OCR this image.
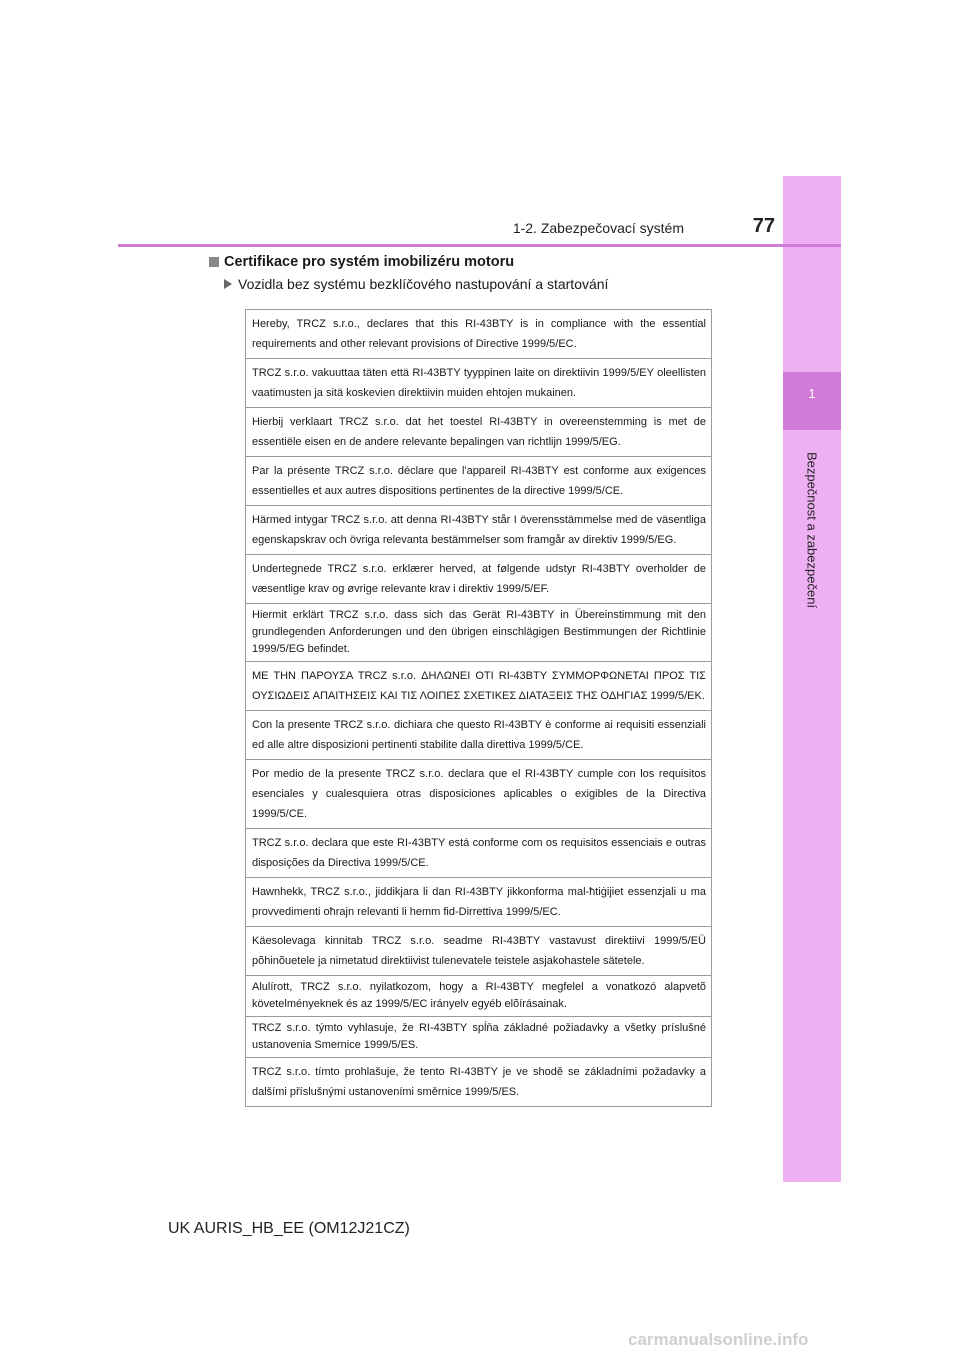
1
Bezpečnost a zabezpečení
1-2. Zabezpečovací systém	77
Certifikace pro systém imobilizéru motoru
Vozidla bez systému bezklíčového nastupování a startování
Hereby, TRCZ s.r.o., declares that this RI-43BTY is in compliance with the essential requirements and other relevant provisions of Directive 1999/5/EC.
TRCZ s.r.o. vakuuttaa täten että RI-43BTY tyyppinen laite on direktiivin 1999/5/EY oleellisten vaatimusten ja sitä koskevien direktiivin muiden ehtojen mukainen.
Hierbij verklaart TRCZ s.r.o. dat het toestel RI-43BTY in overeenstemming is met de essentiële eisen en de andere relevante bepalingen van richtlijn 1999/5/EG.
Par la présente TRCZ s.r.o. déclare que l'appareil RI-43BTY est conforme aux exigences essentielles et aux autres dispositions pertinentes de la directive 1999/5/CE.
Härmed intygar TRCZ s.r.o. att denna RI-43BTY står I överensstämmelse med de väsentliga egenskapskrav och övriga relevanta bestämmelser som framgår av direktiv 1999/5/EG.
Undertegnede TRCZ s.r.o. erklærer herved, at følgende udstyr RI-43BTY overholder de væsentlige krav og øvrige relevante krav i direktiv 1999/5/EF.
Hiermit erklärt TRCZ s.r.o. dass sich das Gerät RI-43BTY in Übereinstimmung mit den grundlegenden Anforderungen und den übrigen einschlägigen Bestimmungen der Richtlinie 1999/5/EG befindet.
ΜΕ ΤΗΝ ΠΑΡΟΥΣΑ TRCZ s.r.o. ΔΗΛΩΝΕΙ ΟΤΙ RI-43BTY ΣΥΜΜΟΡΦΩΝΕΤΑΙ ΠΡΟΣ ΤΙΣ ΟΥΣΙΩΔΕΙΣ ΑΠΑΙΤΗΣΕΙΣ ΚΑΙ ΤΙΣ ΛΟΙΠΕΣ ΣΧΕΤΙΚΕΣ ΔΙΑΤΑΞΕΙΣ ΤΗΣ ΟΔΗΓΙΑΣ 1999/5/ΕΚ.
Con la presente TRCZ s.r.o. dichiara che questo RI-43BTY è conforme ai requisiti essenziali ed alle altre disposizioni pertinenti stabilite dalla direttiva 1999/5/CE.
Por medio de la presente TRCZ s.r.o. declara que el RI-43BTY cumple con los requisitos esenciales y cualesquiera otras disposiciones aplicables o exigibles de la Directiva 1999/5/CE.
TRCZ s.r.o. declara que este RI-43BTY está conforme com os requisitos essenciais e outras disposições da Directiva 1999/5/CE.
Hawnhekk, TRCZ s.r.o., jiddikjara li dan RI-43BTY jikkonforma mal-ħtiġijiet essenzjali u ma provvedimenti oħrajn relevanti li hemm fid-Dirrettiva 1999/5/EC.
Käesolevaga kinnitab TRCZ s.r.o. seadme RI-43BTY vastavust direktiivi 1999/5/EÜ põhinõuetele ja nimetatud direktiivist tulenevatele teistele asjakohastele sätetele.
Alulírott, TRCZ s.r.o. nyilatkozom, hogy a RI-43BTY megfelel a vonatkozó alapvetõ követelményeknek és az 1999/5/EC irányelv egyéb elõírásainak.
TRCZ s.r.o. týmto vyhlasuje, že RI-43BTY spĺňa základné požiadavky a všetky príslušné ustanovenia Smernice 1999/5/ES.
TRCZ s.r.o. tímto prohlašuje, že tento RI-43BTY je ve shodě se základními požadavky a dalšími příslušnými ustanoveními směrnice 1999/5/ES.
UK AURIS_HB_EE (OM12J21CZ)
carmanualsonline.info
